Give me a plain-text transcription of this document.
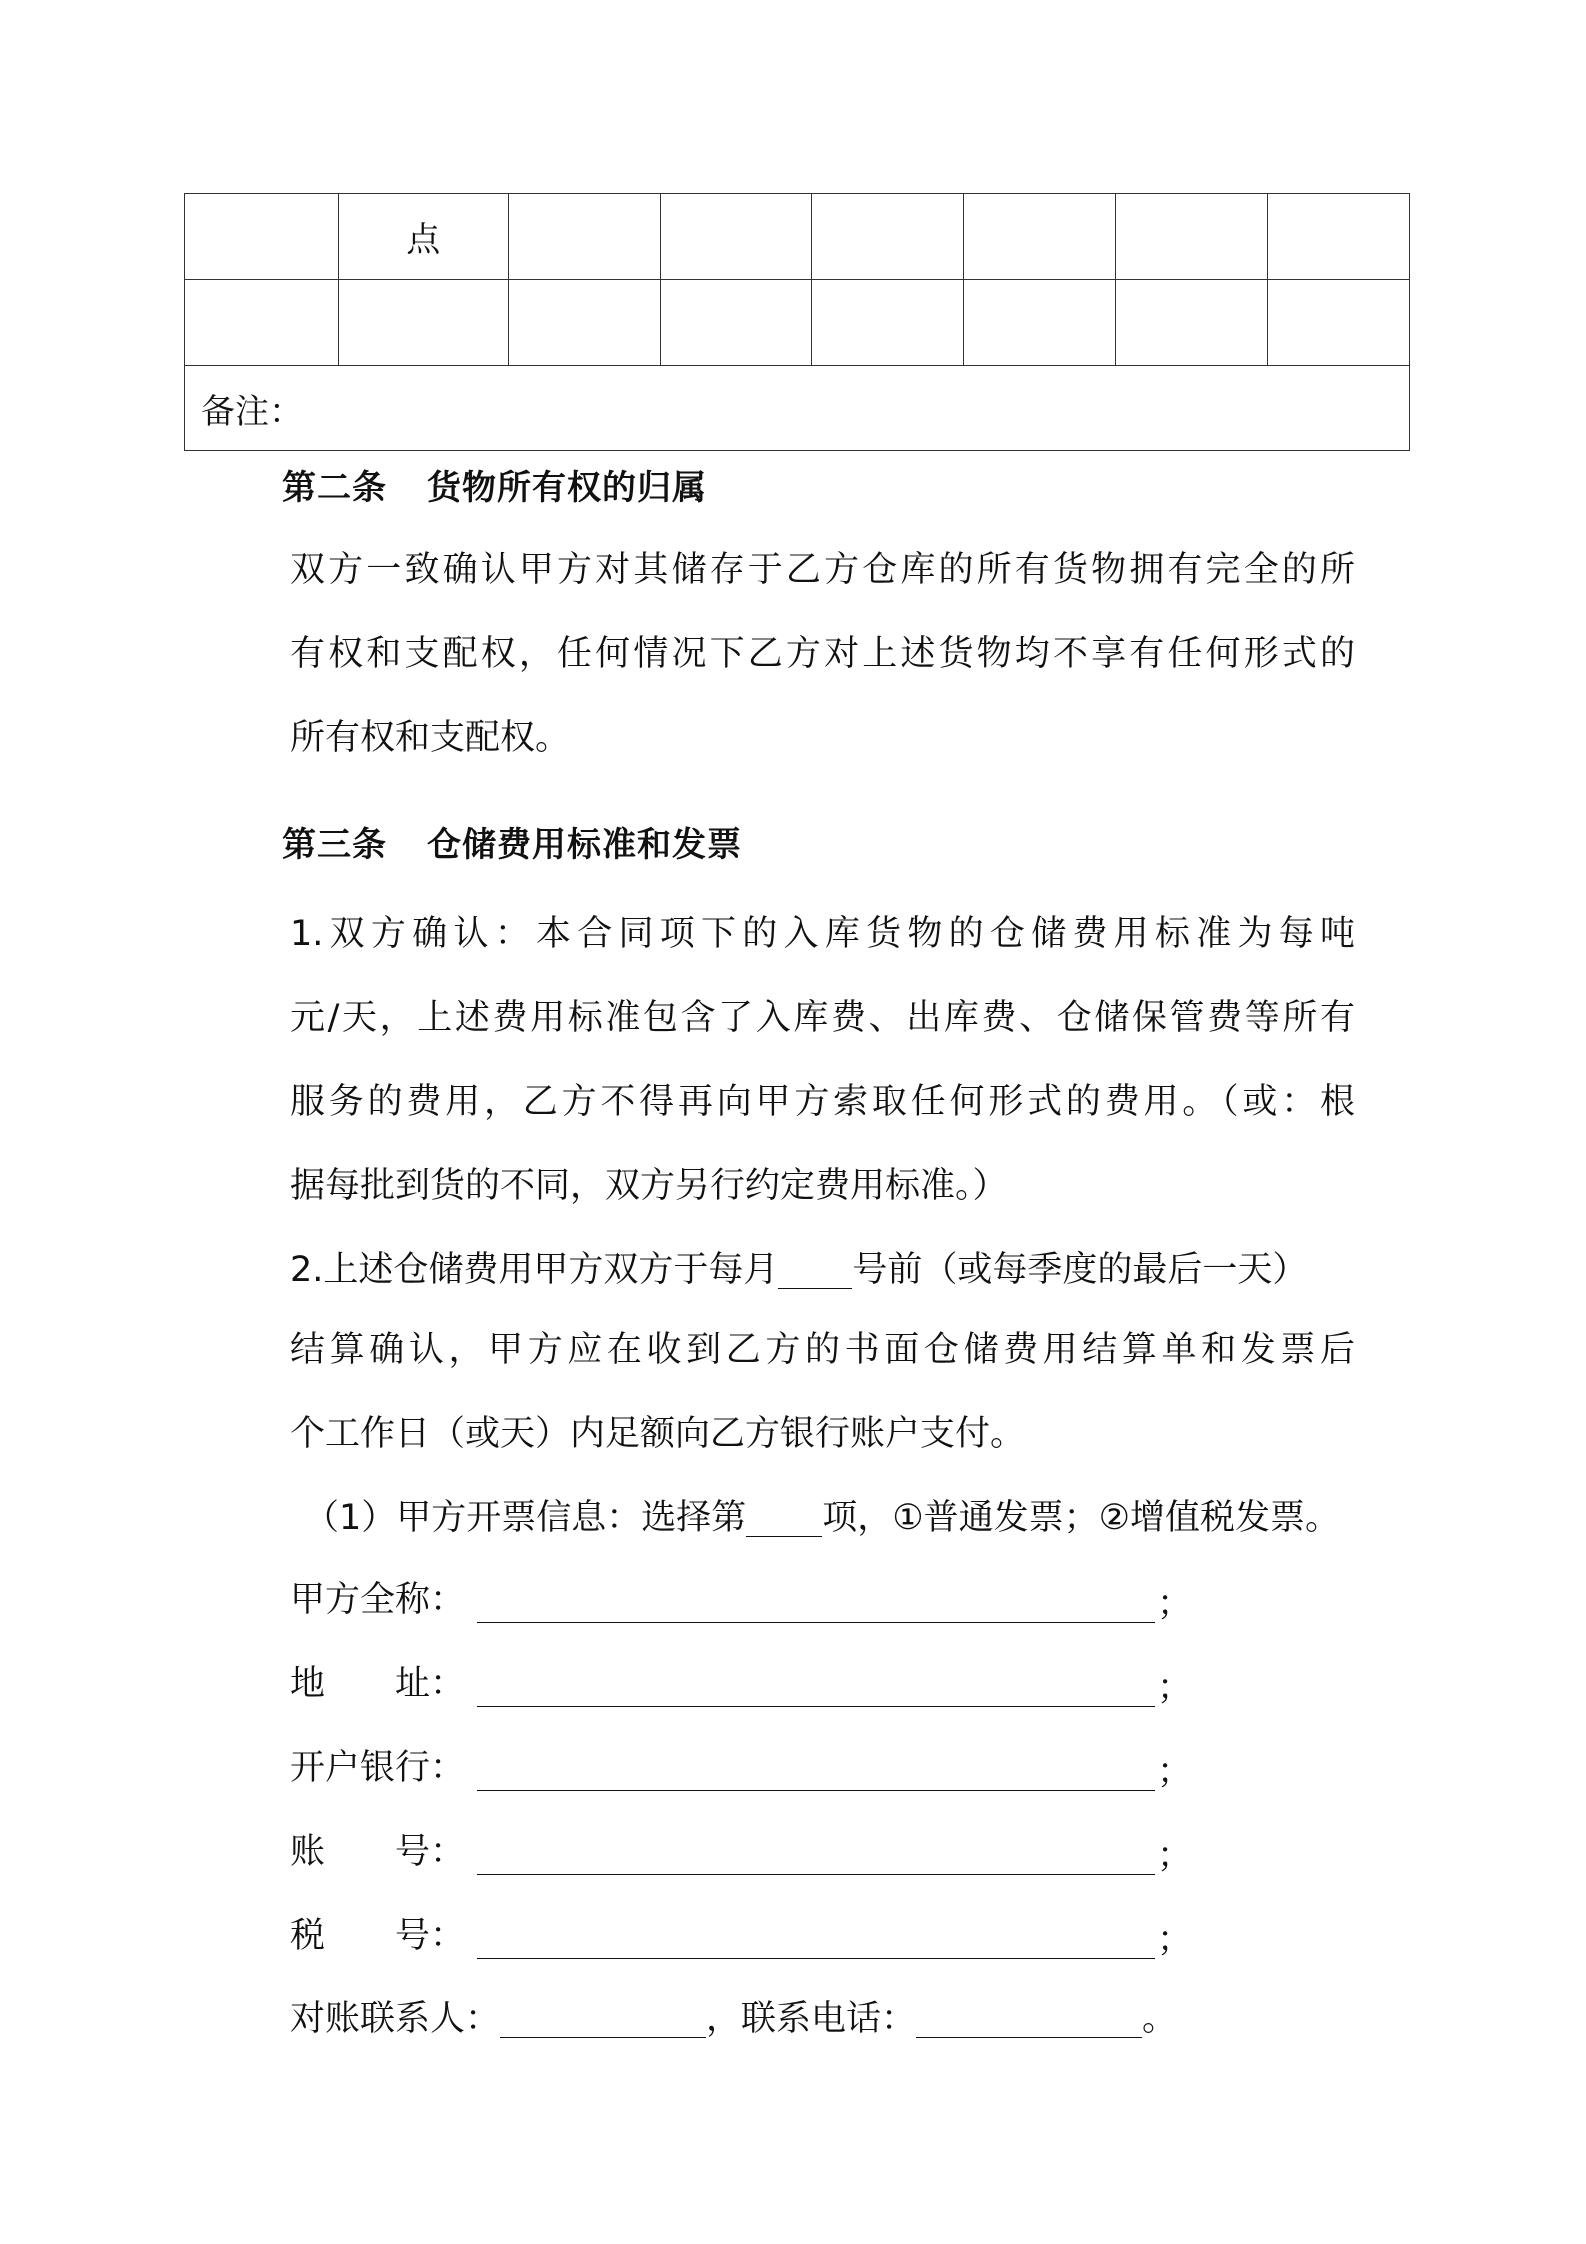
	点						

备注：							
第二条 货物所有权的归属
双方一致确认甲方对其储存于乙方仓库的所有货物拥有完全的所
有权和支配权，任何情况下乙方对上述货物均不享有任何形式的
所有权和支配权。
第三条 仓储费用标准和发票
1.双方确认：本合同项下的入库货物的仓储费用标准为每吨
元/天，上述费用标准包含了入库费、出库费、仓储保管费等所有
服务的费用，乙方不得再向甲方索取任何形式的费用。（或：根
据每批到货的不同，双方另行约定费用标准。）
2.上述仓储费用甲方双方于每月 号前（或每季度的最后一天）
结算确认，甲方应在收到乙方的书面仓储费用结算单和发票后
个工作日（或天）内足额向乙方银行账户支付。
（1）甲方开票信息：选择第 项，①普通发票；②增值税发票。
甲方全称：	；
地　　址：	；
开户银行：	；
账　　号：	；
税　　号：	；
对账联系人：	，联系电话：	。
